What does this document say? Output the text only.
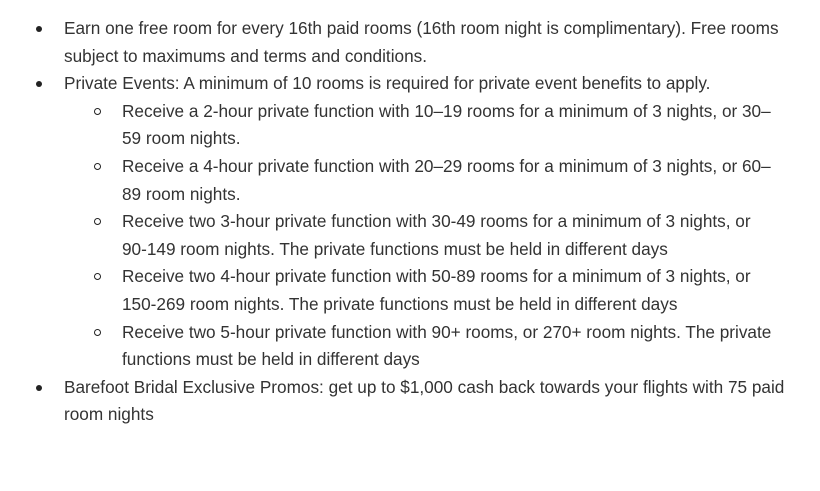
Earn one free room for every 16th paid rooms (16th room night is complimentary). Free rooms subject to maximums and terms and conditions.
Private Events: A minimum of 10 rooms is required for private event benefits to apply.
Receive a 2-hour private function with 10–19 rooms for a minimum of 3 nights, or 30–59 room nights.
Receive a 4-hour private function with 20–29 rooms for a minimum of 3 nights, or 60–89 room nights.
Receive two 3-hour private function with 30-49 rooms for a minimum of 3 nights, or 90-149 room nights. The private functions must be held in different days
Receive two 4-hour private function with 50-89 rooms for a minimum of 3 nights, or 150-269 room nights. The private functions must be held in different days
Receive two 5-hour private function with 90+ rooms, or 270+ room nights. The private functions must be held in different days
Barefoot Bridal Exclusive Promos: get up to $1,000 cash back towards your flights with 75 paid room nights
